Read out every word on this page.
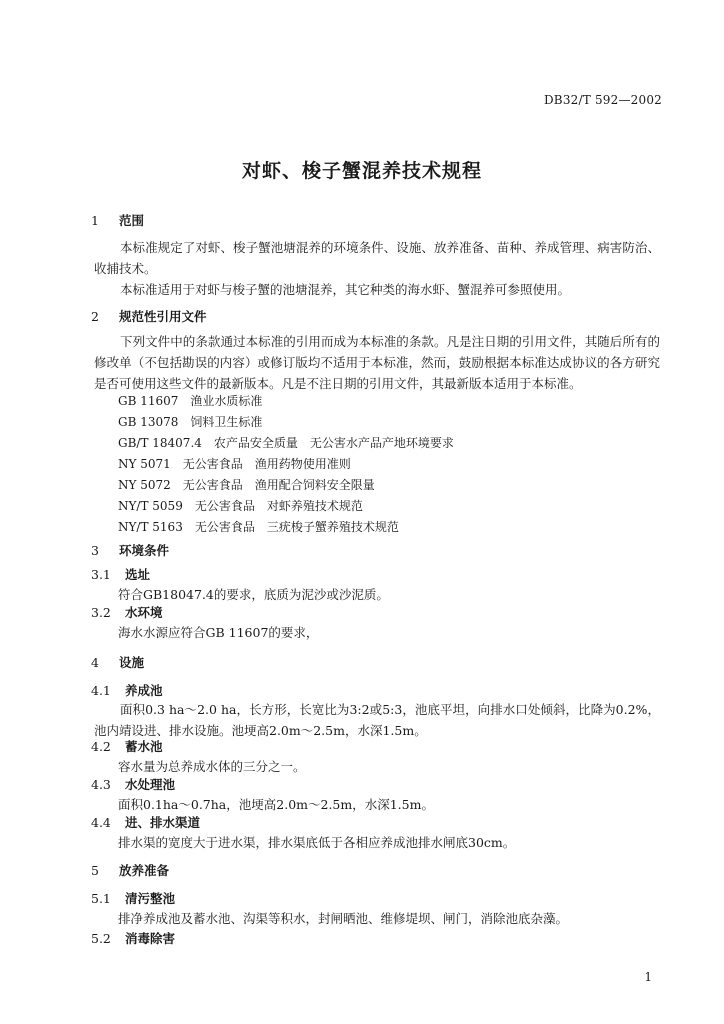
DB32/T 592—2002
对虾、梭子蟹混养技术规程
1 范围
本标准规定了对虾、梭子蟹池塘混养的环境条件、设施、放养准备、苗种、养成管理、病害防治、收捕技术。
本标准适用于对虾与梭子蟹的池塘混养，其它种类的海水虾、蟹混养可参照使用。
2 规范性引用文件
下列文件中的条款通过本标准的引用而成为本标准的条款。凡是注日期的引用文件，其随后所有的修改单（不包括勘误的内容）或修订版均不适用于本标准，然而，鼓励根据本标准达成协议的各方研究是否可使用这些文件的最新版本。凡是不注日期的引用文件，其最新版本适用于本标准。
GB 11607　渔业水质标准
GB 13078　饲料卫生标准
GB/T 18407.4　农产品安全质量　无公害水产品产地环境要求
NY 5071　无公害食品　渔用药物使用准则
NY 5072　无公害食品　渔用配合饲料安全限量
NY/T 5059　无公害食品　对虾养殖技术规范
NY/T 5163　无公害食品　三疣梭子蟹养殖技术规范
3 环境条件
3.1 选址
符合GB18047.4的要求，底质为泥沙或沙泥质。
3.2 水环境
海水水源应符合GB 11607的要求，
4 设施
4.1 养成池
面积0.3 ha～2.0 ha，长方形，长宽比为3:2或5:3，池底平坦，向排水口处倾斜，比降为0.2%，池内靖设进、排水设施。池埂高2.0m～2.5m，水深1.5m。
4.2 蓄水池
容水量为总养成水体的三分之一。
4.3 水处理池
面积0.1ha～0.7ha，池埂高2.0m～2.5m，水深1.5m。
4.4 进、排水渠道
排水渠的宽度大于进水渠，排水渠底低于各相应养成池排水闸底30cm。
5 放养准备
5.1 清污整池
排净养成池及蓄水池、沟渠等积水，封闸晒池、维修堤坝、闸门，消除池底杂藻。
5.2 消毒除害
1
